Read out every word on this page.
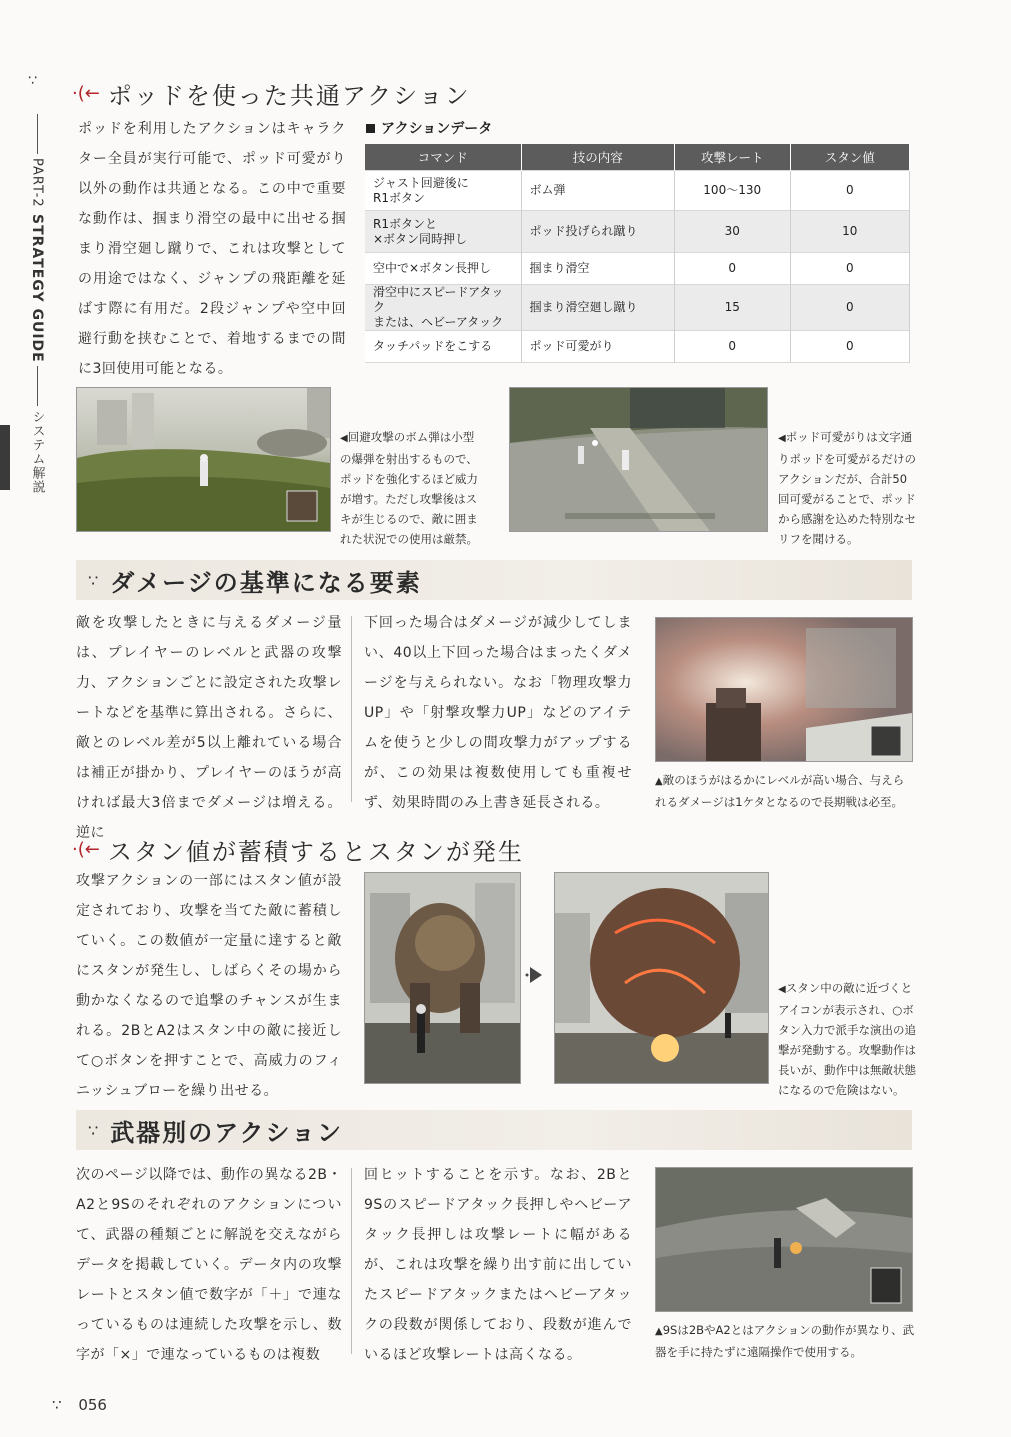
∵
PART-2
STRATEGY GUIDE
システム解説
·(← ポッドを使った共通アクション
ポッドを利用したアクションはキャラクター全員が実行可能で、ポッド可愛がり以外の動作は共通となる。この中で重要な動作は、掴まり滑空の最中に出せる掴まり滑空廻し蹴りで、これは攻撃としての用途ではなく、ジャンプの飛距離を延ばす際に有用だ。2段ジャンプや空中回避行動を挟むことで、着地するまでの間に3回使用可能となる。
アクションデータ
コマンド	技の内容	攻撃レート	スタン値
ジャスト回避後に
R1ボタン	ボム弾	100～130	0
R1ボタンと
×ボタン同時押し	ポッド投げられ蹴り	30	10
空中で×ボタン長押し	掴まり滑空	0	0
滑空中にスピードアタック
または、ヘビーアタック	掴まり滑空廻し蹴り	15	0
タッチパッドをこする	ポッド可愛がり	0	0
◀回避攻撃のボム弾は小型の爆弾を射出するもので、ポッドを強化するほど威力が増す。ただし攻撃後はスキが生じるので、敵に囲まれた状況での使用は厳禁。
◀ポッド可愛がりは文字通りポッドを可愛がるだけのアクションだが、合計50回可愛がることで、ポッドから感謝を込めた特別なセリフを聞ける。
∵ ダメージの基準になる要素
敵を攻撃したときに与えるダメージ量は、プレイヤーのレベルと武器の攻撃力、アクションごとに設定された攻撃レートなどを基準に算出される。さらに、敵とのレベル差が5以上離れている場合は補正が掛かり、プレイヤーのほうが高ければ最大3倍までダメージは増える。逆に
下回った場合はダメージが減少してしまい、40以上下回った場合はまったくダメージを与えられない。なお「物理攻撃力UP」や「射撃攻撃力UP」などのアイテムを使うと少しの間攻撃力がアップするが、この効果は複数使用しても重複せず、効果時間のみ上書き延長される。
▲敵のほうがはるかにレベルが高い場合、与えられるダメージは1ケタとなるので長期戦は必至。
·(← スタン値が蓄積するとスタンが発生
攻撃アクションの一部にはスタン値が設定されており、攻撃を当てた敵に蓄積していく。この数値が一定量に達すると敵にスタンが発生し、しばらくその場から動かなくなるので追撃のチャンスが生まれる。2BとA2はスタン中の敵に接近して○ボタンを押すことで、高威力のフィニッシュブローを繰り出せる。
◀スタン中の敵に近づくとアイコンが表示され、○ボタン入力で派手な演出の追撃が発動する。攻撃動作は長いが、動作中は無敵状態になるので危険はない。
∵ 武器別のアクション
次のページ以降では、動作の異なる2B・A2と9Sのそれぞれのアクションについて、武器の種類ごとに解説を交えながらデータを掲載していく。データ内の攻撃レートとスタン値で数字が「＋」で連なっているものは連続した攻撃を示し、数字が「×」で連なっているものは複数
回ヒットすることを示す。なお、2Bと9Sのスピードアタック長押しやヘビーアタック長押しは攻撃レートに幅があるが、これは攻撃を繰り出す前に出していたスピードアタックまたはヘビーアタックの段数が関係しており、段数が進んでいるほど攻撃レートは高くなる。
▲9Sは2BやA2とはアクションの動作が異なり、武器を手に持たずに遠隔操作で使用する。
∵ 056
